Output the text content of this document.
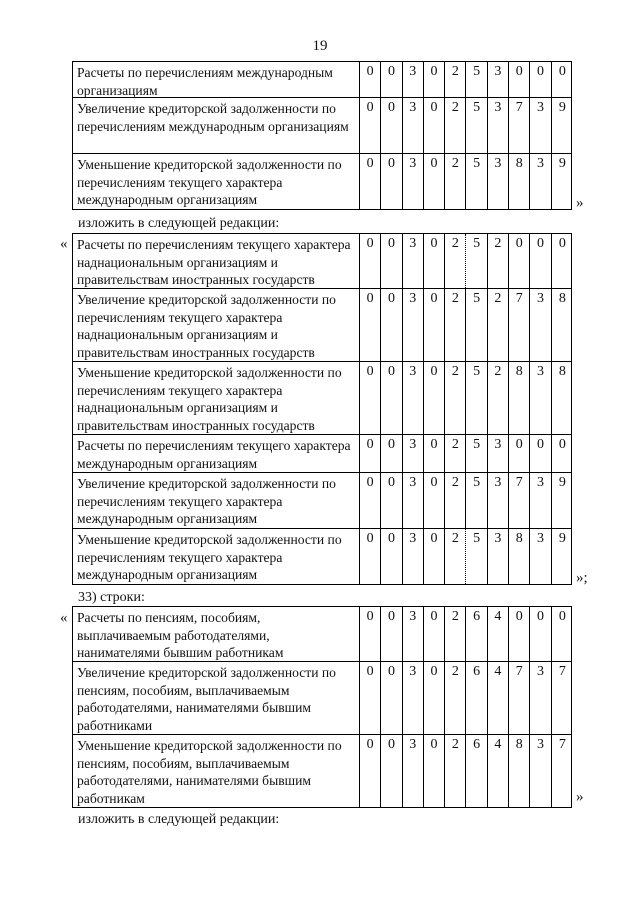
19
Расчеты по перечислениям международным организациям
0	0	3	0	2	5	3	0	0	0
Увеличение кредиторской задолженности по перечислениям международным организациям
0	0	3	0	2	5	3	7	3	9
Уменьшение кредиторской задолженности по перечислениям текущего характера международным организациям
0	0	3	0	2	5	3	8	3	9
»
изложить в следующей редакции:
« Расчеты по перечислениям текущего характера наднациональным организациям и правительствам иностранных государств
0	0	3	0	2	5	2	0	0	0
Увеличение кредиторской задолженности по перечислениям текущего характера наднациональным организациям и правительствам иностранных государств
0	0	3	0	2	5	2	7	3	8
Уменьшение кредиторской задолженности по перечислениям текущего характера наднациональным организациям и правительствам иностранных государств
0	0	3	0	2	5	2	8	3	8
Расчеты по перечислениям текущего характера международным организациям
0	0	3	0	2	5	3	0	0	0
Увеличение кредиторской задолженности по перечислениям текущего характера международным организациям
0	0	3	0	2	5	3	7	3	9
Уменьшение кредиторской задолженности по перечислениям текущего характера международным организациям
0	0	3	0	2	5	3	8	3	9
»;
33) строки:
« Расчеты по пенсиям, пособиям, выплачиваемым работодателями, нанимателями бывшим работникам
0	0	3	0	2	6	4	0	0	0
Увеличение кредиторской задолженности по пенсиям, пособиям, выплачиваемым работодателями, нанимателями бывшим работниками
0	0	3	0	2	6	4	7	3	7
Уменьшение кредиторской задолженности по пенсиям, пособиям, выплачиваемым работодателями, нанимателями бывшим работникам
0	0	3	0	2	6	4	8	3	7
»
изложить в следующей редакции:
